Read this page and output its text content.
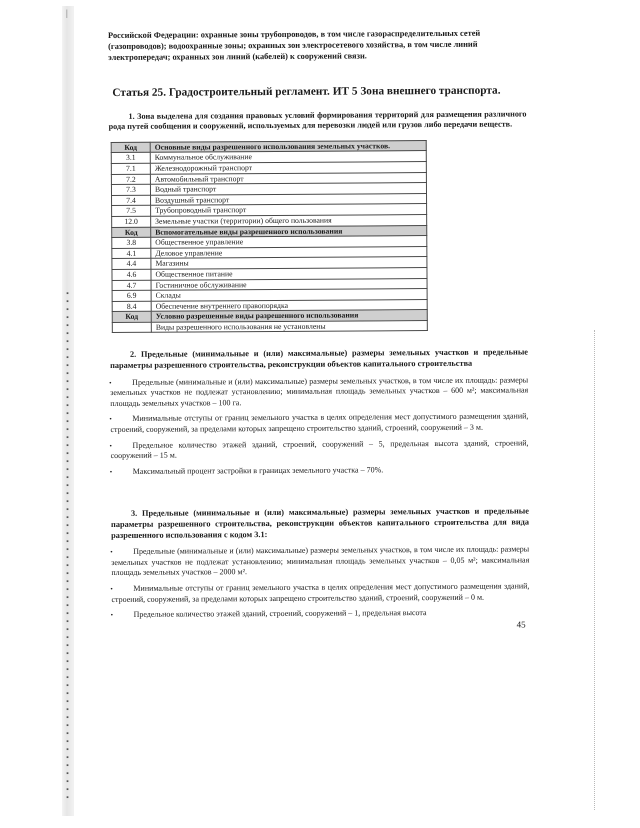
▪▪▪▪▪▪▪▪▪▪▪▪▪▪▪▪▪▪▪▪▪▪▪▪▪▪▪▪▪▪▪▪▪▪▪▪▪▪▪▪▪▪▪▪▪▪▪▪▪▪▪▪▪▪▪▪▪▪▪▪▪▪▪▪
|

Российской Федерации: охранные зоны трубопроводов, в том числе газораспределительных сетей (газопроводов); водоохранные зоны; охранных зон электросетевого хозяйства, в том числе линий электропередач; охранных зон линий (кабелей) к сооружений связи.

Статья 25. Градостроительный регламент. ИТ 5 Зона внешнего транспорта.

1. Зона выделена для создания правовых условий формирования территорий для размещения различного рода путей сообщения и сооружений, используемых для перевозки людей или грузов либо передачи веществ.

Код	Основные виды разрешенного использования земельных участков.
3.1	Коммунальное обслуживание
7.1	Железнодорожный транспорт
7.2	Автомобильный транспорт
7.3	Водный транспорт
7.4	Воздушный транспорт
7.5	Трубопроводный транспорт
12.0	Земельные участки (территории) общего пользования
Код	Вспомогательные виды разрешенного использования
3.8	Общественное управление
4.1	Деловое управление
4.4	Магазины
4.6	Общественное питание
4.7	Гостиничное обслуживание
6.9	Склады
8.4	Обеспечение внутреннего правопорядка
Код	Условно разрешенные виды разрешенного использования
	Виды разрешенного использования не установлены
2. Предельные (минимальные и (или) максимальные) размеры земельных участков и предельные параметры разрешенного строительства, реконструкции объектов капитального строительства
•	Предельные (минимальные и (или) максимальные) размеры земельных участков, в том числе их площадь: размеры земельных участков не подлежат установлению; минимальная площадь земельных участков – 600 м²; максимальная площадь земельных участков – 100 га.
•	Минимальные отступы от границ земельного участка в целях определения мест допустимого размещения зданий, строений, сооружений, за пределами которых запрещено строительство зданий, строений, сооружений – 3 м.
•	Предельное количество этажей зданий, строений, сооружений – 5, предельная высота зданий, строений, сооружений – 15 м.
•	Максимальный процент застройки в границах земельного участка – 70%.
3. Предельные (минимальные и (или) максимальные) размеры земельных участков и предельные параметры разрешенного строительства, реконструкции объектов капитального строительства для вида разрешенного использования с кодом 3.1:
•	Предельные (минимальные и (или) максимальные) размеры земельных участков, в том числе их площадь: размеры земельных участков не подлежат установлению; минимальная площадь земельных участков – 0,05 м²; максимальная площадь земельных участков – 2000 м².
•	Минимальные отступы от границ земельного участка в целях определения мест допустимого размещения зданий, строений, сооружений, за пределами которых запрещено строительство зданий, строений, сооружений – 0 м.
•	Предельное количество этажей зданий, строений, сооружений – 1, предельная высота
45
